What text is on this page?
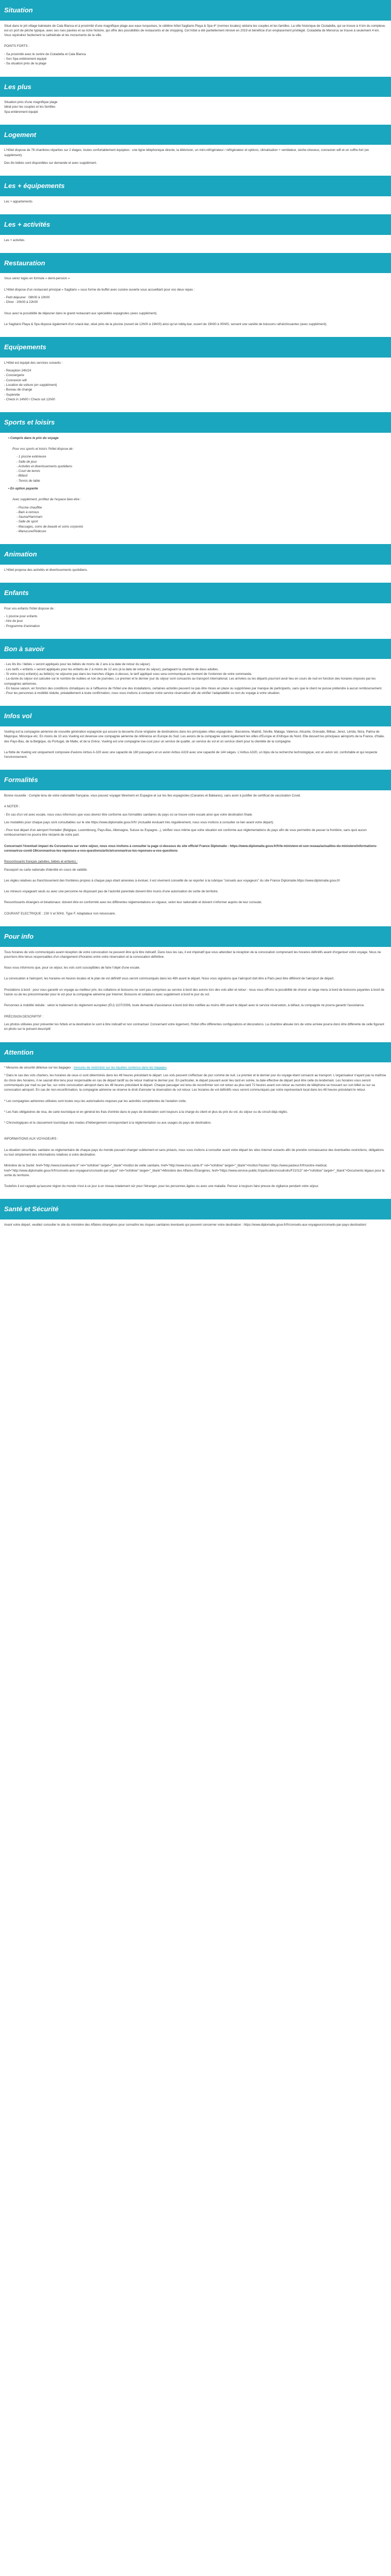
Situation

Situé dans le joli village balnéaire de Cala Blanca et à proximité d'une magnifique plage aux eaux turquoises, le célèbre hôtel Sagitario Playa & Spa 4* (normes locales) séduira les couples et les familles. La ville historique de Ciutadella, qui se trouve à 4 km du complexe, est un port de pêche typique, avec ses rues pavées et sa riche histoire, qui offre des possibilités de restaurants et de shopping. Cet hôtel a été partiellement rénové en 2019 et bénéficie d'un emplacement privilégié. Ciutadella de Menorca se trouve à seulement 4 km. Vous rejoindrez facilement la cathédrale et les monuments de la ville.

POINTS FORTS :

- Sa proximité avec le centre de Ciutadella et Cala Blanca
- Son Spa entièrement équipé
- Sa situation près de la plage
Les plus
Situation près d'une magnifique plage
Idéal pour les couples et les familles
Spa entièrement équipé
Logement

L'Hôtel dispose de 78 chambres réparties sur 2 étages, toutes confortablement équipées : une ligne téléphonique directe, la télévision, un mini-réfrigérateur / réfrigérateur et options, climatisation + ventilateur, sèche-cheveux, connexion wifi et un coffre-fort (en supplément).

Des lits bébés sont disponibles sur demande et avec supplément.

Les + équipements

Les + appartements

Les + activités

Les + activités

Restauration

Vous serez logés en formule « demi-pension »

L'Hôtel dispose d'un restaurant principal « Sagitario » sous forme de buffet avec cuisine ouverte sous accueillant pour vos deux repas :

- Petit déjeuner : 08h00 à 10h00
- Dîner : 20h00 à 22h00

Vous avez la possibilité de déjeuner dans le grand restaurant aux spécialités espagnoles (avec supplément).

Le Sagitario Playa & Spa dispose également d'un snack-bar, situé près de la piscine (ouvert de 12h00 à 19h00) ainsi qu'un lobby-bar, ouvert de 19h00 à 00h00, servant une variété de boissons rafraîchissantes (avec supplément).

Equipements

L'Hôtel est équipé des services suivants :

- Réception 24h/24
- Conciergerie
- Connexion wifi
- Location de voiture (en supplément)
- Bureau de change
- Supérette
- Check in 14h00 / Check out 12h00
Sports et loisirs

• Compris dans le prix du voyage

Pour vos sports et loisirs l'hôtel dispose de :

- 1 piscine extérieure
- Salle de jeux
- Activités et divertissements quotidiens
- Court de tennis
- Billard
- Tennis de table

• En option payante

Avec supplément, profitez de l'espace bien-être :

- Piscine chauffée
- Bain à remous
- Sauna/Hammam
- Salle de sport
- Massages, soins de beauté et soins corporels
- Manucure/Pédicure
Animation

L'Hôtel propose des activités et divertissements quotidiens.

Enfants

Pour vos enfants l'hôtel dispose de :

- 1 piscine pour enfants
- Aire de jeux
- Programme d'animation
Bon à savoir
- Les lits lits / bébés » seront appliqués pour les bébés de moins de 2 ans à la date de retour du séjour).
- Les tarifs « enfants » seront appliqués pour les enfants de 2 à moins de 12 ans (à la date de retour du séjour), partageant la chambre de deux adultes.
- Si votre (vos) enfant(s) au bébé(s) ne séjourne pas dans les tranches d'âges ci-dessus, le tarif appliqué sous sera communiqué au moment de l'ordonner de votre commande.
- La durée du séjour est calculée sur le nombre de nuitées et non de journées. Le premier et le dernier jour du séjour sont consacrés au transport international. Les arrivées ou les départs pourront avoir lieu en cours de nuit en fonction des horaires imposés par les compagnies aériennes.
- En basse saison, en fonction des conditions climatiques ou à l'affluence de l'hôtel une des installations, certaines activités peuvent ne pas être mises en place ou supprimées par manque de participants, sans que le client ne puisse prétendre à aucun remboursement.
- Pour les personnes à mobilité réduite, préalablement à toute confirmation, nous vous invitons à contacter notre service réservation afin de vérifier l'adaptabilité ou non du voyage à votre situation.
Infos vol

Vueling est la compagnie aérienne de nouvelle génération espagnole qui assure la desserte d'une vingtaine de destinations dans les principales villes espagnoles : Barcelone, Madrid, Séville, Malaga, Valence, Alicante, Grenade, Bilbao, Jerez, Lérida, Ibiza, Palma de Majorque, Minorque etc. En moins de 10 ans Vueling est devenue une compagnie aérienne de référence en Europe du Sud. Les avions de la compagnie volent également les villes d'Europe et d'Afrique du Nord. Elle dessert les principaux aéroports de la France, d'Italie, des Pays-Bas, de la Belgique, du Portugal, de Malte, et de la Grèce. Vueling est une compagnie low-cost pour un service de qualité, un service du vol et un service client pour la clientèle de la compagnie.

La flotte de Vueling est uniquement composée d'avions Airbus A-320 avec une capacité de 180 passagers et un avion Airbus A319 avec une capacité de 144 sièges. L'Airbus A320, un bijou de la recherche technologique, est un avion sûr, confortable et qui respecte l'environnement.

Formalités

Bonne nouvelle : Compte tenu de votre nationalité française, vous pouvez voyager librement en Espagne et sur les îles espagnoles (Canaries et Baléares), sans avoir à justifier de certificat de vaccination Covid.

A NOTER :

- En cas d'un vol avec escale, nous vous informons que vous devrez être conforme aux formalités sanitaires du pays où se trouve votre escale ainsi que votre destination finale.

Les modalités pour chaque pays sont consultables sur le site https://www.diplomatie.gouv.fr/fr/ (Actualité évoluant très régulièrement, nous vous invitons à consulter ce lien avant votre départ).

- Pour tout départ d'un aéroport frontalier (Belgique, Luxembourg, Pays-Bas, Allemagne, Suisse ou Espagne...), vérifiez vous même que votre situation est conforme aux réglementations du pays afin de vous permettre de passer la frontière, sans quoi aucun remboursement ne pourra être réclamé de notre part.

Concernant l'éventuel impact du Coronavirus sur votre séjour, nous vous invitons à consulter la page ci-dessous du site officiel France Diplomatie : https://www.diplomatie.gouv.fr/fr/le-ministere-et-son-reseau/actualites-du-ministere/informations-coronavirus-covid-19/coronavirus-les-reponses-a-vos-questions/article/coronavirus-les-reponses-a-vos-questions

Ressortissants français (adultes, bébés et enfants) :

Passeport ou carte nationale d'identité en cours de validité.

Les règles relatives au franchissement des frontières propres à chaque pays étant amenées à évoluer, il est vivement conseillé de se reporter à la rubrique "conseils aux voyageurs" du site France Diplomatie.https://www.diplomatie.gouv.fr/

Les mineurs voyageant seuls ou avec une personne ne disposant pas de l'autorité parentale doivent être munis d'une autorisation de sortie de territoire.

Ressortissants étrangers et binationaux: doivent être en conformité avec les différentes réglementations en vigueur, selon leur nationalité et doivent s'informer auprès de leur consulat.

COURANT ELECTRIQUE : 230 V et 50Hz, Type F. Adaptateur non nécessaire.

Pour info

Tous horaires de vols communiqués avant réception de votre convocation ne peuvent être qu'à titre indicatif. Dans tous les cas, il est impératif que vous attendiez la réception de la convocation comprenant les horaires définitifs avant d'organiser votre voyage. Nous ne pourrions être tenus responsables d'un changement d'horaires entre votre réservation et la convocation définitive.

Nous vous informons que, pour ce séjour, les vols sont susceptibles de faire l'objet d'une escale.

La convocation à l'aéroport, les horaires en heures locales et le plan de vol définitif vous seront communiqués dans les 48h avant le départ. Nous vous signalons que l'aéroport doit être à Paris peut être différent de l'aéroport de départ.

Prestations à bord : pour vous garantir un voyage au meilleur prix, les collations et boissons ne sont pas comprises au service à bord des avions lors des vols aller et retour : nous vous offrons la possibilité de choisir un large menu à bord de boissons payantes à bord de l'avion ou de les précommander pour le vol pour la compagnie aérienne par Internet. Boissons et collations avec supplément à bord le jour du vol.

Personnes à mobilité réduite : selon le traitement du règlement européen (EU) 1107/2006, toute demande d'assistance à bord doit être notifiée au moins 48h avant le départ avec le service réservation, à défaut, la compagnie ne pourra garantir l'assistance.

PRÉCISION DESCRIPTIF :

Les photos utilisées pour présenter les hôtels et la destination le sont à titre indicatif et non contractuel. Concernant votre logement, l'hôtel offre différentes configurations et décorations. La chambre allouée lors de votre arrivée pourra donc être différente de celle figurant en photo sur le présent descriptif.

Attention

* Mesures de sécurité détenue sur les bagages : mesures de restriction sur les liquides contenus dans les bagages

* Dans le cas des vols charters, les horaires de ceux-ci sont déterminés dans les 48 heures précédant le départ. Les vols peuvent s'effectuer de jour comme de nuit. Le premier et le dernier jour du voyage étant consacré au transport. L'organisateur n'ayant pas la maîtrise du choix des horaires, il ne saurait être tenu pour responsable en cas de départ tardif ou de retour matinal le dernier jour. En particulier, le départ pouvant avoir lieu tard en soirée, la date effective de départ peut être celle du lendemain. Les horaires vous seront communiqués par mail ou par fax, sur votre convocation aéroport dans les 48 heures précédant le départ. Chaque passager est tenu de reconfirmer son vol retour au plus tard 72 heures avant son retour au numéro de téléphone se trouvant sur son billet ou sur sa convocation aéroport. En cas de non-reconfirmation, la compagnie aérienne se réserve le droit d'annuler la réservation du vol retour. Les horaires de vol définitifs vous seront communiqués par notre représentant local dans les 48 heures précédant le retour.

* Les compagnies aériennes utilisées sont toutes reçu les autorisations requises par les autorités compétentes de l'aviation civile.

* Les frais obligatoires de visa, de carte touristique et en général les frais d'entrée dans le pays de destination sont toujours à la charge du client et plus du prix du vol, du séjour ou du circuit déjà réglés.

* Chronologiques et le classement touristique des modes d'hébergement correspondant à la réglementation ou aux usages du pays de destination.

INFORMATIONS AUX VOYAGEURS :

La situation sécuritaire, sanitaire ou réglementaire de chaque pays du monde pouvant changer subitement et sans préavis, nous vous invitons à consulter avant votre départ les sites Internet suivants afin de prendre connaissance des éventuelles restrictions, obligations ou tout simplement des informations relatives à votre destination.

Ministère de la Santé: href="http://www.travelsante.fr" rel="nofollow" target="_blank">Institut de veille sanitaire, href="http://www.invs.sante.fr" rel="nofollow" target="_blank">Institut Pasteur: https://www.pasteur.fr/fr/centre-medical, href="http://www.diplomatie.gouv.fr/fr/conseils-aux-voyageurs/conseils-par-pays/" rel="nofollow" target="_blank">Ministère des Affaires Étrangères, href="https://www.service-public.fr/particuliers/vosdroits/F21013" rel="nofollow" target="_blank">Documents légaux pour la sortie du territoire.

Toutefois il est rappelé qu'aucune région du monde n'est à ce jour à un niveau totalement sûr pour l'étranger, pour les personnes âgées ou avec une maladie. Pensez à toujours faire preuve de vigilance pendant votre séjour.

Santé et Sécurité

Avant votre départ, veuillez consulter le site du ministère des Affaires étrangères pour connaître les risques sanitaires éventuels qui peuvent concerner votre destination : https://www.diplomatie.gouv.fr/fr/conseils-aux-voyageurs/conseils-par-pays-destination/
